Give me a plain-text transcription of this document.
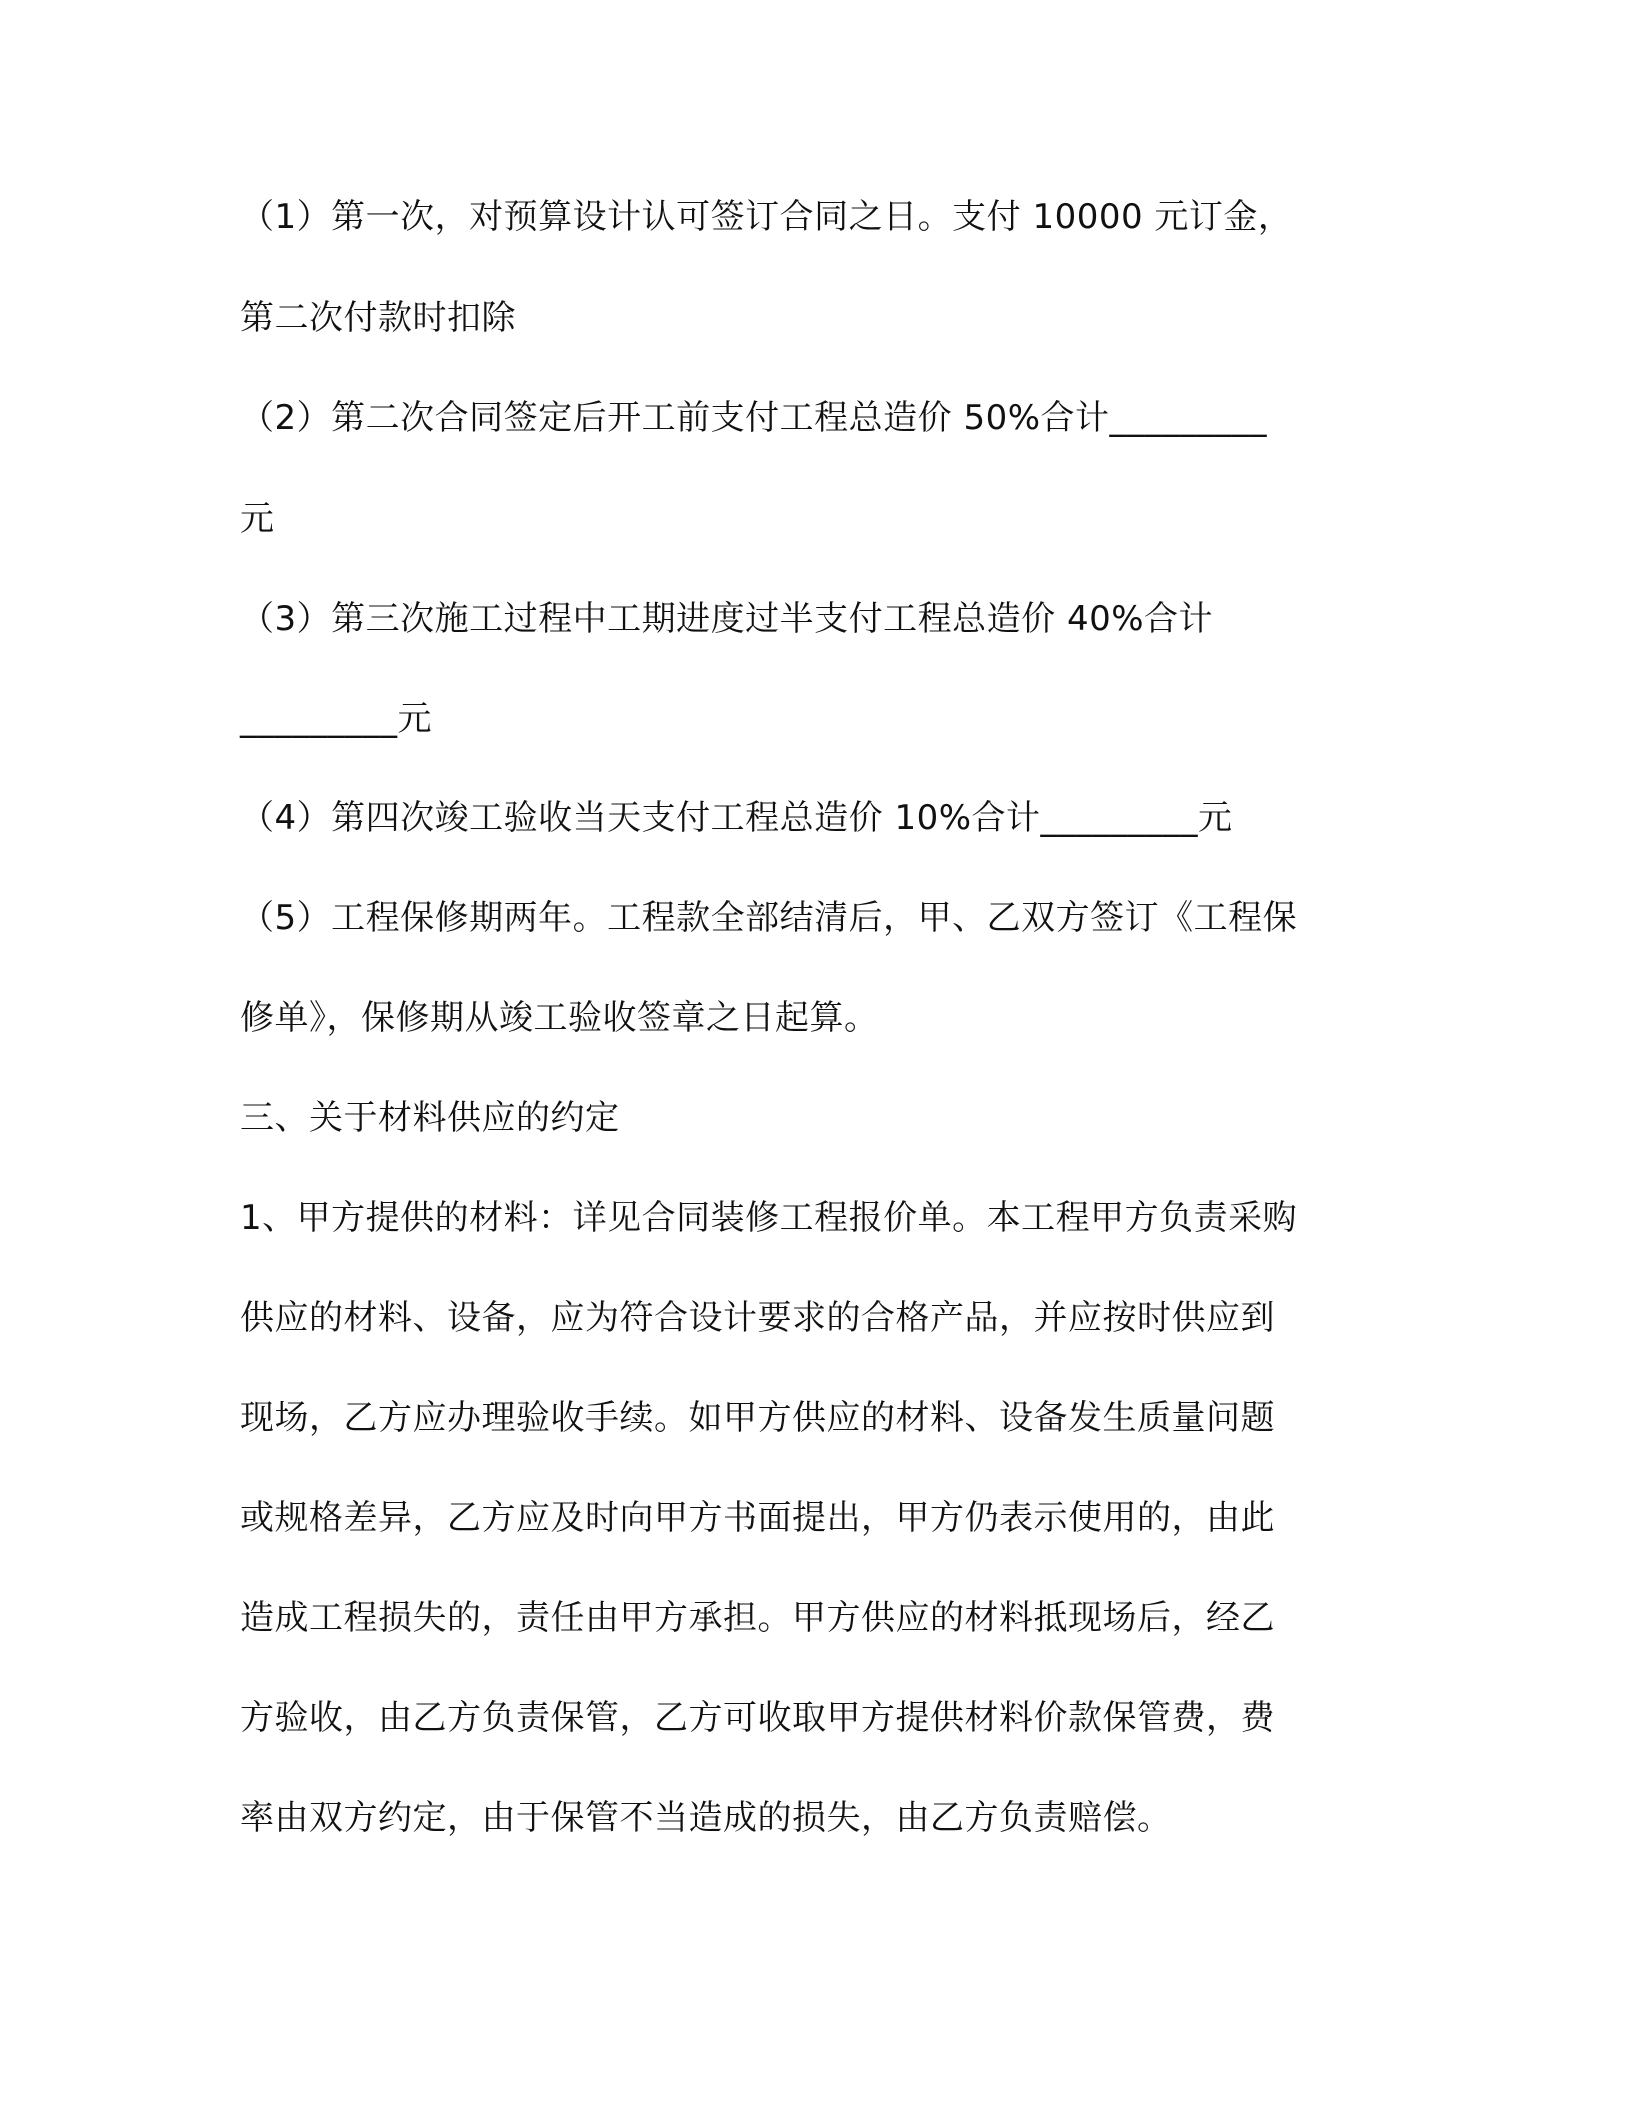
（1）第一次，对预算设计认可签订合同之日。支付 10000 元订金，
第二次付款时扣除
（2）第二次合同签定后开工前支付工程总造价 50%合计_________
元
（3）第三次施工过程中工期进度过半支付工程总造价 40%合计
_________元
（4）第四次竣工验收当天支付工程总造价 10%合计_________元
（5）工程保修期两年。工程款全部结清后，甲、乙双方签订《工程保
修单》，保修期从竣工验收签章之日起算。
三、关于材料供应的约定
1、甲方提供的材料：详见合同装修工程报价单。本工程甲方负责采购
供应的材料、设备，应为符合设计要求的合格产品，并应按时供应到
现场，乙方应办理验收手续。如甲方供应的材料、设备发生质量问题
或规格差异，乙方应及时向甲方书面提出，甲方仍表示使用的，由此
造成工程损失的，责任由甲方承担。甲方供应的材料抵现场后，经乙
方验收，由乙方负责保管，乙方可收取甲方提供材料价款保管费，费
率由双方约定，由于保管不当造成的损失，由乙方负责赔偿。
